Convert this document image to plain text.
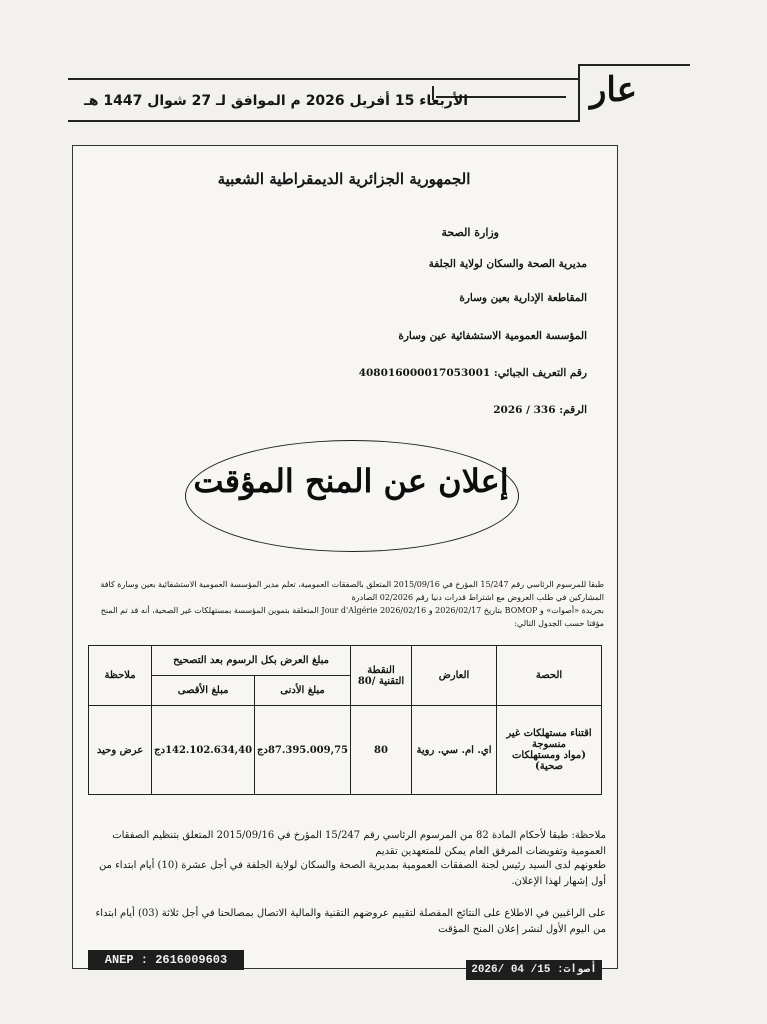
عار
الأربعاء 15 أفريل 2026 م الموافق لـ 27 شوال 1447 هـ
الجمهورية الجزائرية الديمقراطية الشعبية
وزارة الصحة
مديرية الصحة والسكان لولاية الجلفة
المقاطعة الإدارية بعين وسارة
المؤسسة العمومية الاستشفائية عين وسارة
رقم التعريف الجبائي: 408016000017053001
الرقم: 336 / 2026
إعلان عن المنح المؤقت
طبقا للمرسوم الرئاسي رقم 15/247 المؤرخ في 2015/09/16 المتعلق بالصفقات العمومية، تعلم مدير المؤسسة العمومية الاستشفائية بعين وسارة كافة المشاركين في طلب العروض مع اشتراط قدرات دنيا رقم 02/2026 الصادرة
بجريدة «أصوات» و BOMOP بتاريخ 2026/02/17 و Jour d'Algérie 2026/02/16 المتعلقة بتموين المؤسسة بمستهلكات غير الصحية، أنه قد تم المنح مؤقتا حسب الجدول التالي:
الحصة	العارض	النقطة التقنية /80	مبلغ العرض بكل الرسوم بعد التصحيح		ملاحظة
			مبلغ الأدنى	مبلغ الأقصى	

اقتناء مستهلكات غير منسوجة
(مواد ومستهلكات صحية)	اي. ام. سي. روية	80	87.395.009,75دج	142.102.634,40دج	عرض وحيد
ملاحظة: طبقا لأحكام المادة 82 من المرسوم الرئاسي رقم 15/247 المؤرخ في 2015/09/16 المتعلق بتنظيم الصفقات العمومية وتفويضات المرفق العام يمكن للمتعهدين تقديم
طعونهم لدى السيد رئيس لجنة الصفقات العمومية بمديرية الصحة والسكان لولاية الجلفة في أجل عشرة (10) أيام ابتداء من أول إشهار لهذا الإعلان.
على الراغبين في الاطلاع على النتائج المفصلة لتقييم عروضهم التقنية والمالية الاتصال بمصالحنا في أجل ثلاثة (03) أيام ابتداء من اليوم الأول لنشر إعلان المنح المؤقت
ANEP : 2616009603
أصوات: 15/ 04 /2026
